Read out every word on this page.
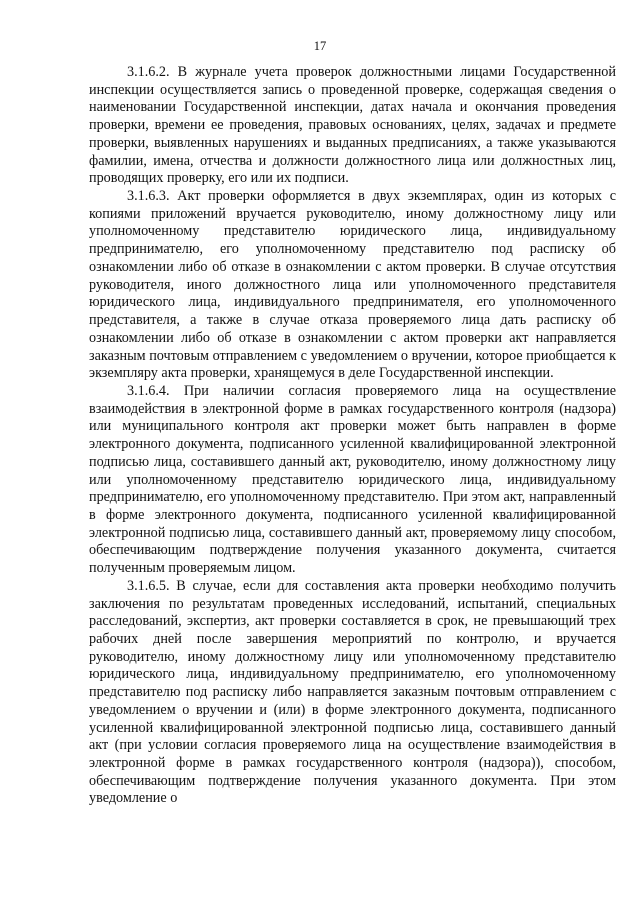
17

3.1.6.2. В журнале учета проверок должностными лицами Государственной инспекции осуществляется запись о проведенной проверке, содержащая сведения о наименовании Государственной инспекции, датах начала и окончания проведения проверки, времени ее проведения, правовых основаниях, целях, задачах и предмете проверки, выявленных нарушениях и выданных предписаниях, а также указываются фамилии, имена, отчества и должности должностного лица или должностных лиц, проводящих проверку, его или их подписи.

3.1.6.3. Акт проверки оформляется в двух экземплярах, один из которых с копиями приложений вручается руководителю, иному должностному лицу или уполномоченному представителю юридического лица, индивидуальному предпринимателю, его уполномоченному представителю под расписку об ознакомлении либо об отказе в ознакомлении с актом проверки. В случае отсутствия руководителя, иного должностного лица или уполномоченного представителя юридического лица, индивидуального предпринимателя, его уполномоченного представителя, а также в случае отказа проверяемого лица дать расписку об ознакомлении либо об отказе в ознакомлении с актом проверки акт направляется заказным почтовым отправлением с уведомлением о вручении, которое приобщается к экземпляру акта проверки, хранящемуся в деле Государственной инспекции.

3.1.6.4. При наличии согласия проверяемого лица на осуществление взаимодействия в электронной форме в рамках государственного контроля (надзора) или муниципального контроля акт проверки может быть направлен в форме электронного документа, подписанного усиленной квалифицированной электронной подписью лица, составившего данный акт, руководителю, иному должностному лицу или уполномоченному представителю юридического лица, индивидуальному предпринимателю, его уполномоченному представителю. При этом акт, направленный в форме электронного документа, подписанного усиленной квалифицированной электронной подписью лица, составившего данный акт, проверяемому лицу способом, обеспечивающим подтверждение получения указанного документа, считается полученным проверяемым лицом.

3.1.6.5. В случае, если для составления акта проверки необходимо получить заключения по результатам проведенных исследований, испытаний, специальных расследований, экспертиз, акт проверки составляется в срок, не превышающий трех рабочих дней после завершения мероприятий по контролю, и вручается руководителю, иному должностному лицу или уполномоченному представителю юридического лица, индивидуальному предпринимателю, его уполномоченному представителю под расписку либо направляется заказным почтовым отправлением с уведомлением о вручении и (или) в форме электронного документа, подписанного усиленной квалифицированной электронной подписью лица, составившего данный акт (при условии согласия проверяемого лица на осуществление взаимодействия в электронной форме в рамках государственного контроля (надзора)), способом, обеспечивающим подтверждение получения указанного документа. При этом уведомление о
